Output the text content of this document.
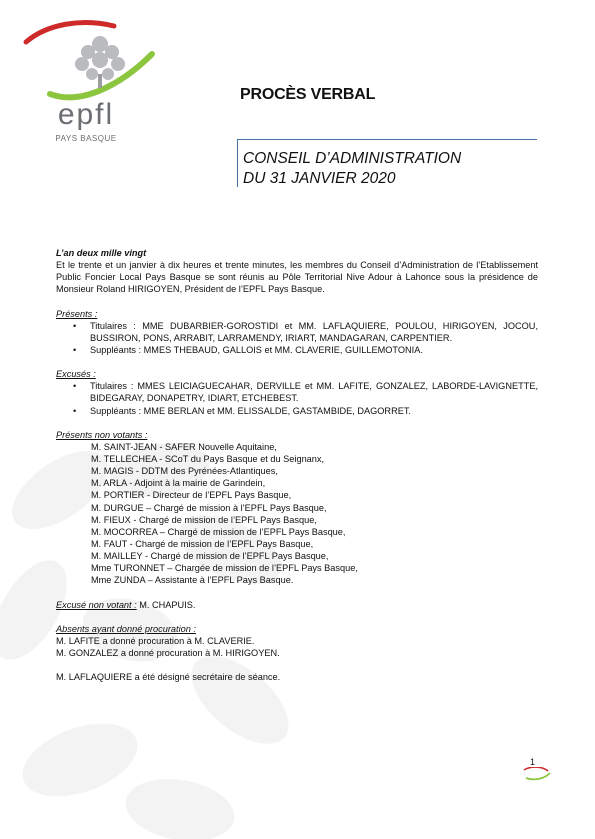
epfl
PAYS BASQUE
PROCÈS VERBAL
CONSEIL D’ADMINISTRATION
DU 31 JANVIER 2020

L’an deux mille vingt

Et le trente et un janvier à dix heures et trente minutes, les membres du Conseil d’Administration de l’Etablissement Public Foncier Local Pays Basque se sont réunis au Pôle Territorial Nive Adour à Lahonce sous la présidence de Monsieur Roland HIRIGOYEN, Président de l’EPFL Pays Basque.

Présents :

• Titulaires : MME DUBARBIER-GOROSTIDI et MM. LAFLAQUIERE, POULOU, HIRIGOYEN, JOCOU, BUSSIRON, PONS, ARRABIT, LARRAMENDY, IRIART, MANDAGARAN, CARPENTIER.
• Suppléants : MMES THEBAUD, GALLOIS et MM. CLAVERIE, GUILLEMOTONIA.

Excusés :

• Titulaires : MMES LEICIAGUECAHAR, DERVILLE et MM. LAFITE, GONZALEZ, LABORDE-LAVIGNETTE, BIDEGARAY, DONAPETRY, IDIART, ETCHEBEST.
• Suppléants : MME BERLAN et MM. ELISSALDE, GASTAMBIDE, DAGORRET.

Présents non votants :

M. SAINT-JEAN - SAFER Nouvelle Aquitaine,

M. TELLECHEA - SCoT du Pays Basque et du Seignanx,

M. MAGIS - DDTM des Pyrénées-Atlantiques,

M. ARLA - Adjoint à la mairie de Garindein,

M. PORTIER - Directeur de l’EPFL Pays Basque,

M. DURGUE – Chargé de mission à l’EPFL Pays Basque,

M. FIEUX - Chargé de mission de l’EPFL Pays Basque,

M. MOCORREA – Chargé de mission de l’EPFL Pays Basque,

M. FAUT - Chargé de mission de l’EPFL Pays Basque,

M. MAILLEY - Chargé de mission de l’EPFL Pays Basque,

Mme TURONNET – Chargée de mission de l’EPFL Pays Basque,

Mme ZUNDA – Assistante à l’EPFL Pays Basque.

Excusé non votant : M. CHAPUIS.

Absents ayant donné procuration :

M. LAFITE a donné procuration à M. CLAVERIE.

M. GONZALEZ a donné procuration à M. HIRIGOYEN.

M. LAFLAQUIERE a été désigné secrétaire de séance.

1
